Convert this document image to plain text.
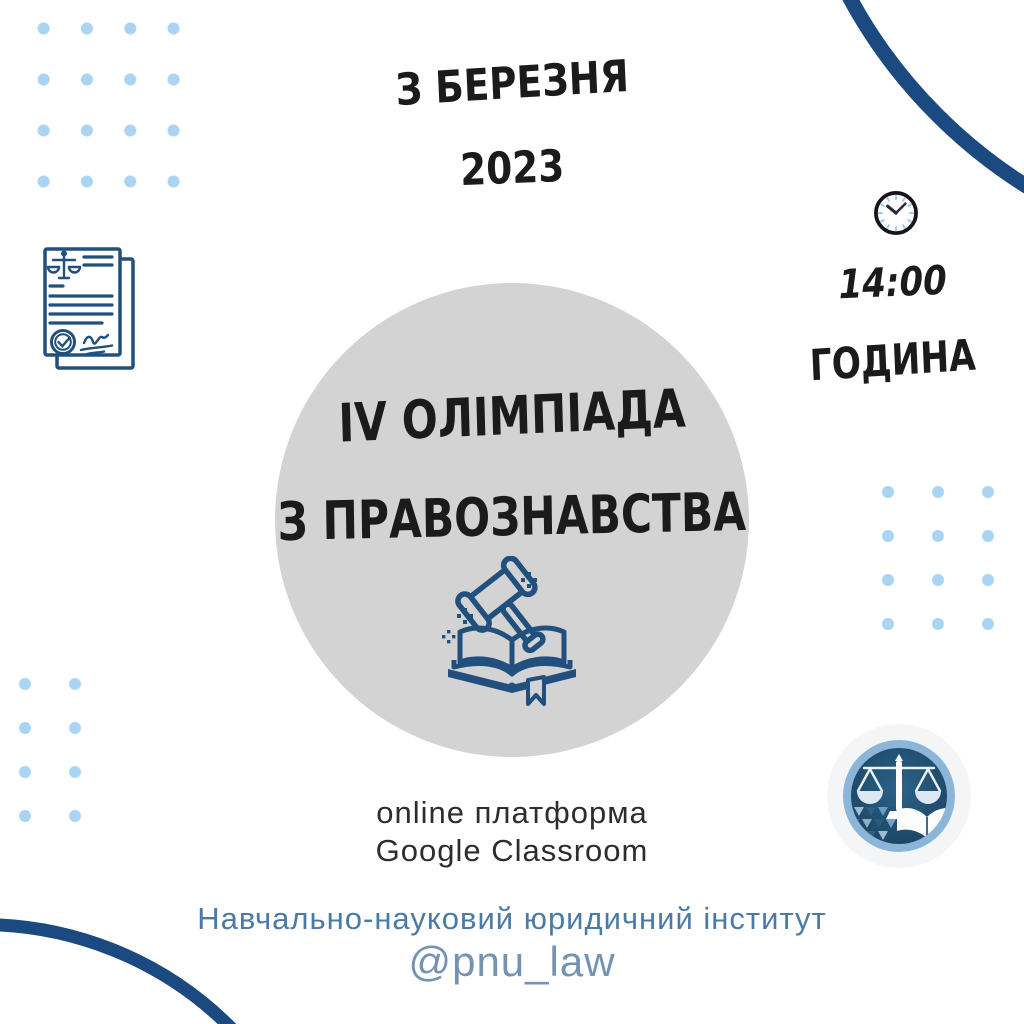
З БЕРЕЗНЯ
2023
14:00
ГОДИНА
IV ОЛІМПІАДА
З ПРАВОЗНАВСТВА
online платформа
Google Classroom
Навчально-науковий юридичний інститут
@pnu_law
